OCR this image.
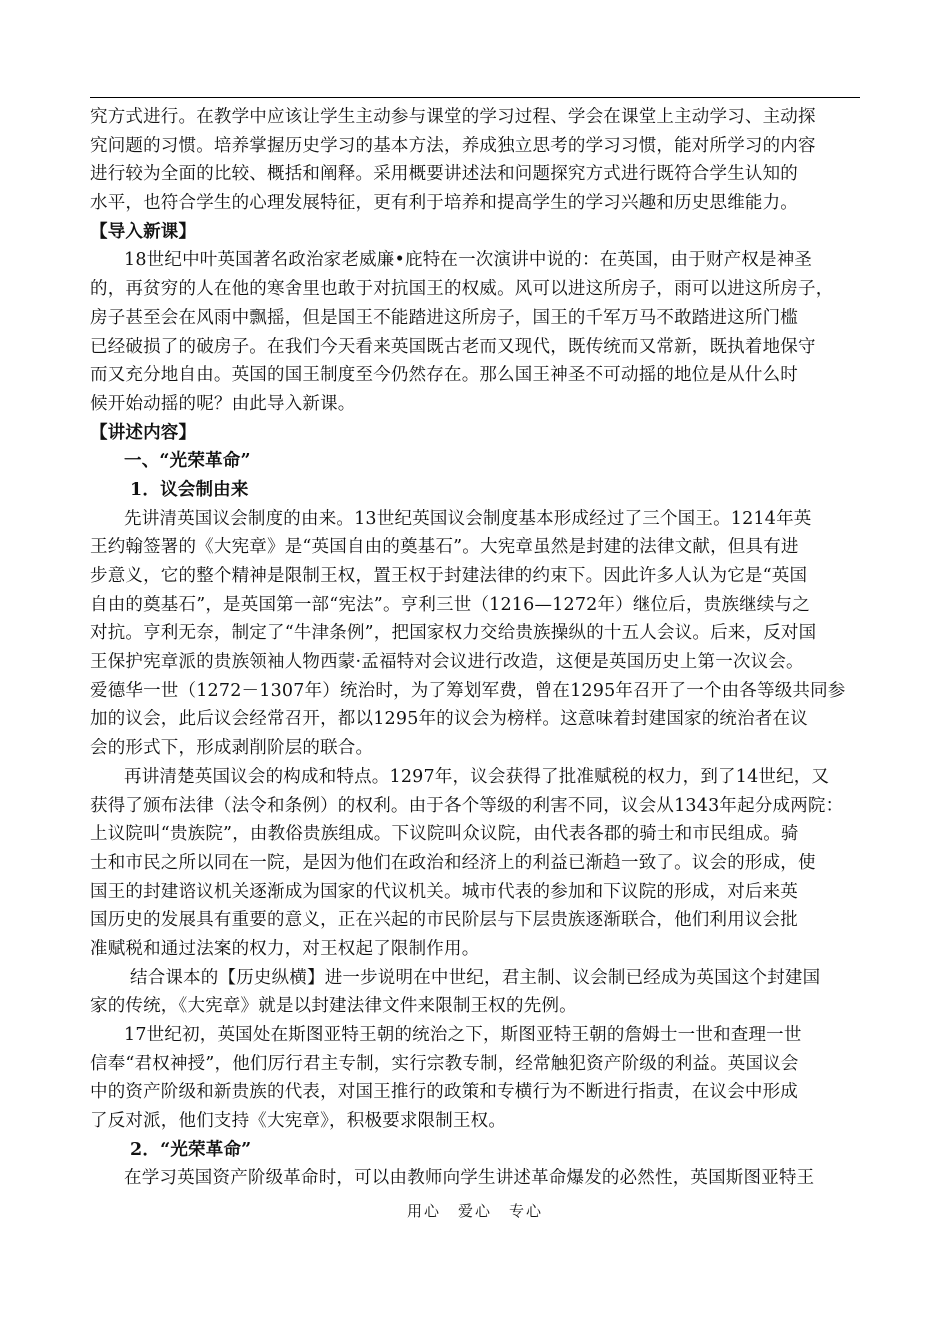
究方式进行。在教学中应该让学生主动参与课堂的学习过程、学会在课堂上主动学习、主动探
究问题的习惯。培养掌握历史学习的基本方法，养成独立思考的学习习惯，能对所学习的内容
进行较为全面的比较、概括和阐释。采用概要讲述法和问题探究方式进行既符合学生认知的
水平，也符合学生的心理发展特征，更有利于培养和提高学生的学习兴趣和历史思维能力。
【导入新课】
18世纪中叶英国著名政治家老威廉•庇特在一次演讲中说的：在英国，由于财产权是神圣
的，再贫穷的人在他的寒舍里也敢于对抗国王的权威。风可以进这所房子，雨可以进这所房子，
房子甚至会在风雨中飘摇，但是国王不能踏进这所房子，国王的千军万马不敢踏进这所门槛
已经破损了的破房子。在我们今天看来英国既古老而又现代，既传统而又常新，既执着地保守
而又充分地自由。英国的国王制度至今仍然存在。那么国王神圣不可动摇的地位是从什么时
候开始动摇的呢？由此导入新课。
【讲述内容】
一、“光荣革命”
1．议会制由来
先讲清英国议会制度的由来。13世纪英国议会制度基本形成经过了三个国王。1214年英
王约翰签署的《大宪章》是“英国自由的奠基石”。大宪章虽然是封建的法律文献，但具有进
步意义，它的整个精神是限制王权，置王权于封建法律的约束下。因此许多人认为它是“英国
自由的奠基石”，是英国第一部“宪法”。亨利三世（1216—1272年）继位后，贵族继续与之
对抗。亨利无奈，制定了“牛津条例”，把国家权力交给贵族操纵的十五人会议。后来，反对国
王保护宪章派的贵族领袖人物西蒙·孟福特对会议进行改造，这便是英国历史上第一次议会。
爱德华一世（1272－1307年）统治时，为了筹划军费，曾在1295年召开了一个由各等级共同参
加的议会，此后议会经常召开，都以1295年的议会为榜样。这意味着封建国家的统治者在议
会的形式下，形成剥削阶层的联合。
再讲清楚英国议会的构成和特点。1297年，议会获得了批准赋税的权力，到了14世纪，又
获得了颁布法律（法令和条例）的权利。由于各个等级的利害不同，议会从1343年起分成两院：
上议院叫“贵族院”，由教俗贵族组成。下议院叫众议院，由代表各郡的骑士和市民组成。骑
士和市民之所以同在一院，是因为他们在政治和经济上的利益已渐趋一致了。议会的形成，使
国王的封建谘议机关逐渐成为国家的代议机关。城市代表的参加和下议院的形成，对后来英
国历史的发展具有重要的意义，正在兴起的市民阶层与下层贵族逐渐联合，他们利用议会批
准赋税和通过法案的权力，对王权起了限制作用。
结合课本的【历史纵横】进一步说明在中世纪，君主制、议会制已经成为英国这个封建国
家的传统，《大宪章》就是以封建法律文件来限制王权的先例。
17世纪初，英国处在斯图亚特王朝的统治之下，斯图亚特王朝的詹姆士一世和查理一世
信奉“君权神授”，他们厉行君主专制，实行宗教专制，经常触犯资产阶级的利益。英国议会
中的资产阶级和新贵族的代表，对国王推行的政策和专横行为不断进行指责，在议会中形成
了反对派，他们支持《大宪章》，积极要求限制王权。
2．“光荣革命”
在学习英国资产阶级革命时，可以由教师向学生讲述革命爆发的必然性，英国斯图亚特王
用心　爱心　专心
